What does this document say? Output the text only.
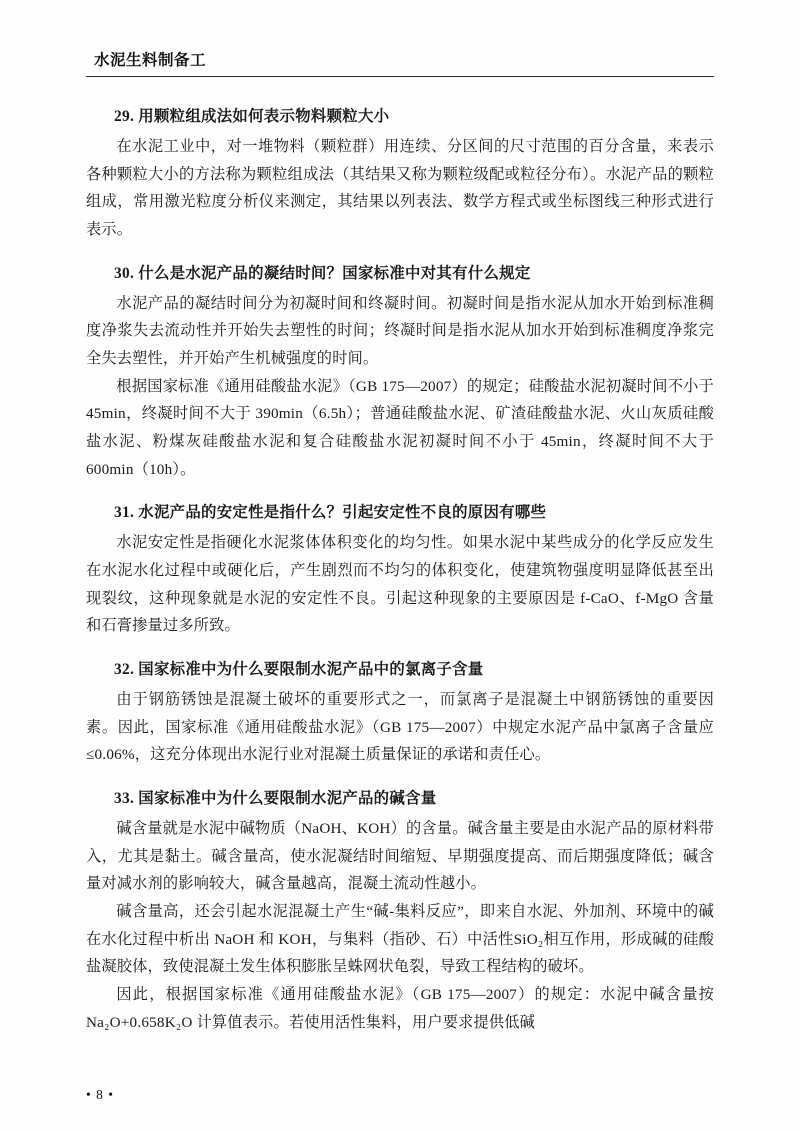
水泥生料制备工
29. 用颗粒组成法如何表示物料颗粒大小

在水泥工业中，对一堆物料（颗粒群）用连续、分区间的尺寸范围的百分含量，来表示各种颗粒大小的方法称为颗粒组成法（其结果又称为颗粒级配或粒径分布）。水泥产品的颗粒组成，常用激光粒度分析仪来测定，其结果以列表法、数学方程式或坐标图线三种形式进行表示。

30. 什么是水泥产品的凝结时间？国家标准中对其有什么规定

水泥产品的凝结时间分为初凝时间和终凝时间。初凝时间是指水泥从加水开始到标准稠度净浆失去流动性并开始失去塑性的时间；终凝时间是指水泥从加水开始到标准稠度净浆完全失去塑性，并开始产生机械强度的时间。

根据国家标准《通用硅酸盐水泥》（GB 175—2007）的规定；硅酸盐水泥初凝时间不小于 45min，终凝时间不大于 390min（6.5h）；普通硅酸盐水泥、矿渣硅酸盐水泥、火山灰质硅酸盐水泥、粉煤灰硅酸盐水泥和复合硅酸盐水泥初凝时间不小于 45min，终凝时间不大于 600min（10h）。

31. 水泥产品的安定性是指什么？引起安定性不良的原因有哪些

水泥安定性是指硬化水泥浆体体积变化的均匀性。如果水泥中某些成分的化学反应发生在水泥水化过程中或硬化后，产生剧烈而不均匀的体积变化，使建筑物强度明显降低甚至出现裂纹，这种现象就是水泥的安定性不良。引起这种现象的主要原因是 f-CaO、f-MgO 含量和石膏掺量过多所致。

32. 国家标准中为什么要限制水泥产品中的氯离子含量

由于钢筋锈蚀是混凝土破坏的重要形式之一，而氯离子是混凝土中钢筋锈蚀的重要因素。因此，国家标准《通用硅酸盐水泥》（GB 175—2007）中规定水泥产品中氯离子含量应≤0.06%，这充分体现出水泥行业对混凝土质量保证的承诺和责任心。

33. 国家标准中为什么要限制水泥产品的碱含量

碱含量就是水泥中碱物质（NaOH、KOH）的含量。碱含量主要是由水泥产品的原材料带入，尤其是黏土。碱含量高，使水泥凝结时间缩短、早期强度提高、而后期强度降低；碱含量对减水剂的影响较大，碱含量越高，混凝土流动性越小。

碱含量高，还会引起水泥混凝土产生“碱-集料反应”，即来自水泥、外加剂、环境中的碱在水化过程中析出 NaOH 和 KOH，与集料（指砂、石）中活性SiO₂相互作用，形成碱的硅酸盐凝胶体，致使混凝土发生体积膨胀呈蛛网状龟裂，导致工程结构的破坏。

因此，根据国家标准《通用硅酸盐水泥》（GB 175—2007）的规定：水泥中碱含量按 Na₂O+0.658K₂O 计算值表示。若使用活性集料，用户要求提供低碱

• 8 •
